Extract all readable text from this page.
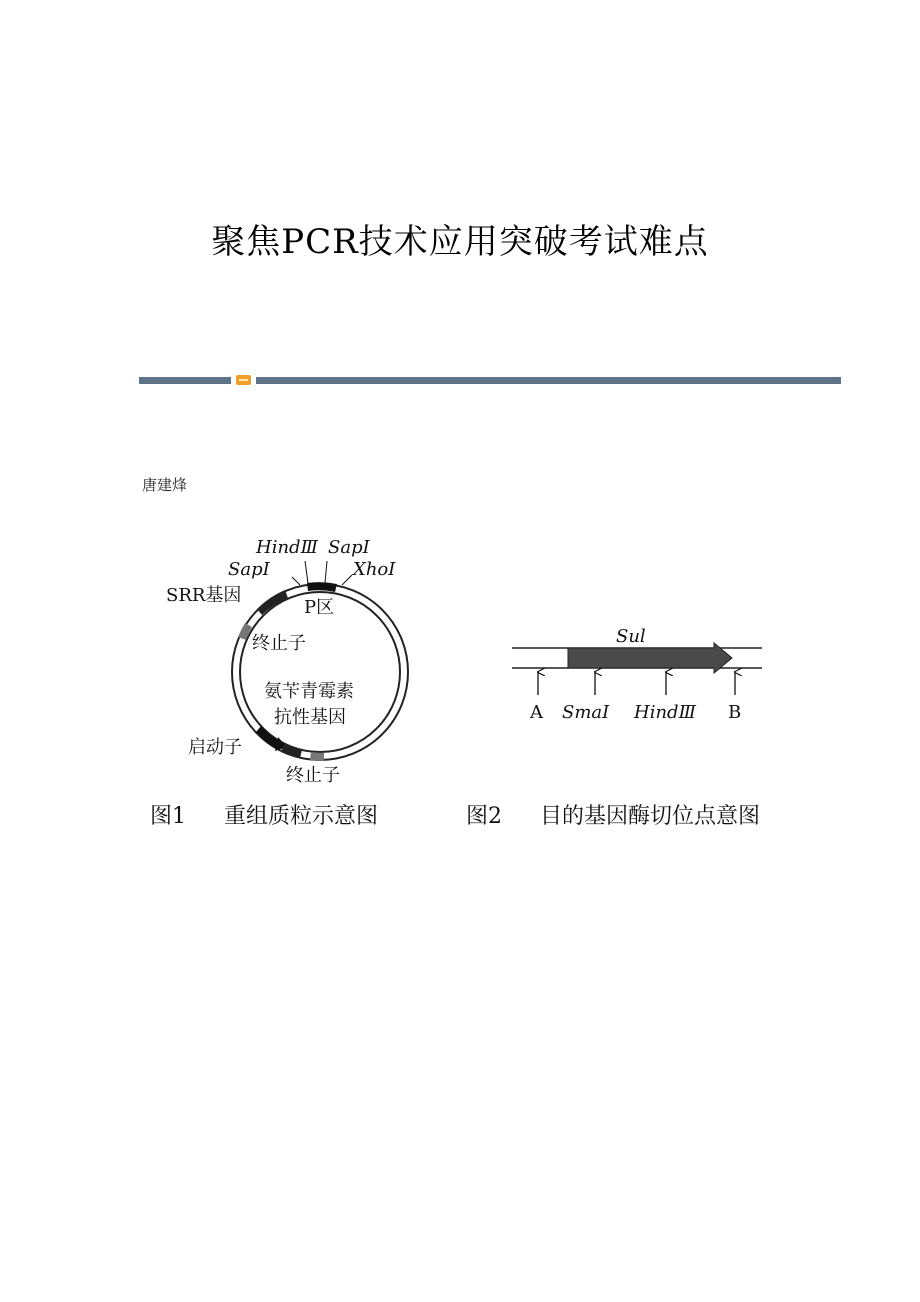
聚焦PCR技术应用突破考试难点
唐建烽
HindⅢ SapⅠ
SapⅠ	XhoⅠ
SRR基因
P区
终止子
氨苄青霉素
抗性基因
启动子
终止子
Sul
A SmaⅠ HindⅢ B
图1 重组质粒示意图	图2 目的基因酶切位点意图
